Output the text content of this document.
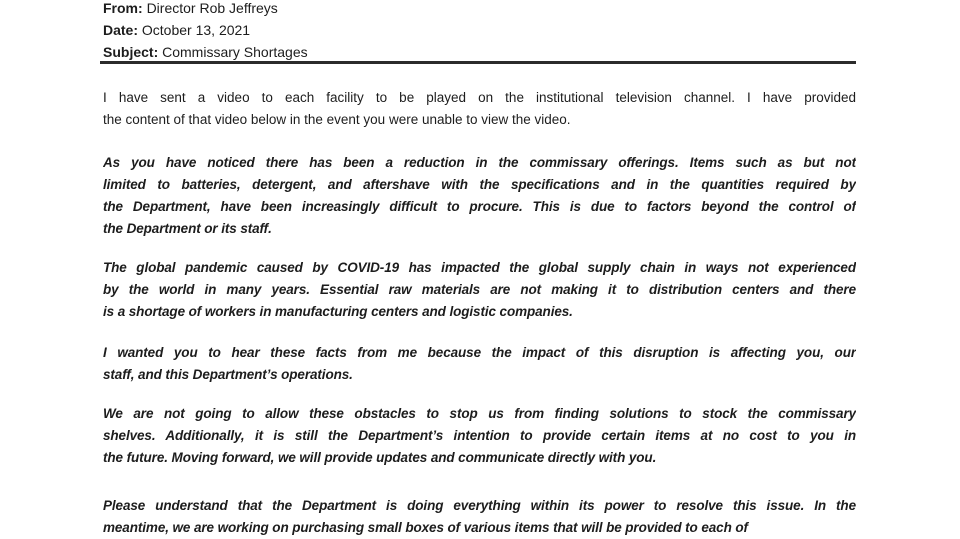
From: Director Rob Jeffreys
Date: October 13, 2021
Subject: Commissary Shortages
I have sent a video to each facility to be played on the institutional television channel. I have provided
the content of that video below in the event you were unable to view the video.
As you have noticed there has been a reduction in the commissary offerings. Items such as but not
limited to batteries, detergent, and aftershave with the specifications and in the quantities required by
the Department, have been increasingly difficult to procure. This is due to factors beyond the control of
the Department or its staff.
The global pandemic caused by COVID-19 has impacted the global supply chain in ways not experienced
by the world in many years. Essential raw materials are not making it to distribution centers and there
is a shortage of workers in manufacturing centers and logistic companies.
I wanted you to hear these facts from me because the impact of this disruption is affecting you, our
staff, and this Department’s operations.
We are not going to allow these obstacles to stop us from finding solutions to stock the commissary
shelves. Additionally, it is still the Department’s intention to provide certain items at no cost to you in
the future. Moving forward, we will provide updates and communicate directly with you.
Please understand that the Department is doing everything within its power to resolve this issue. In the
meantime, we are working on purchasing small boxes of various items that will be provided to each of
